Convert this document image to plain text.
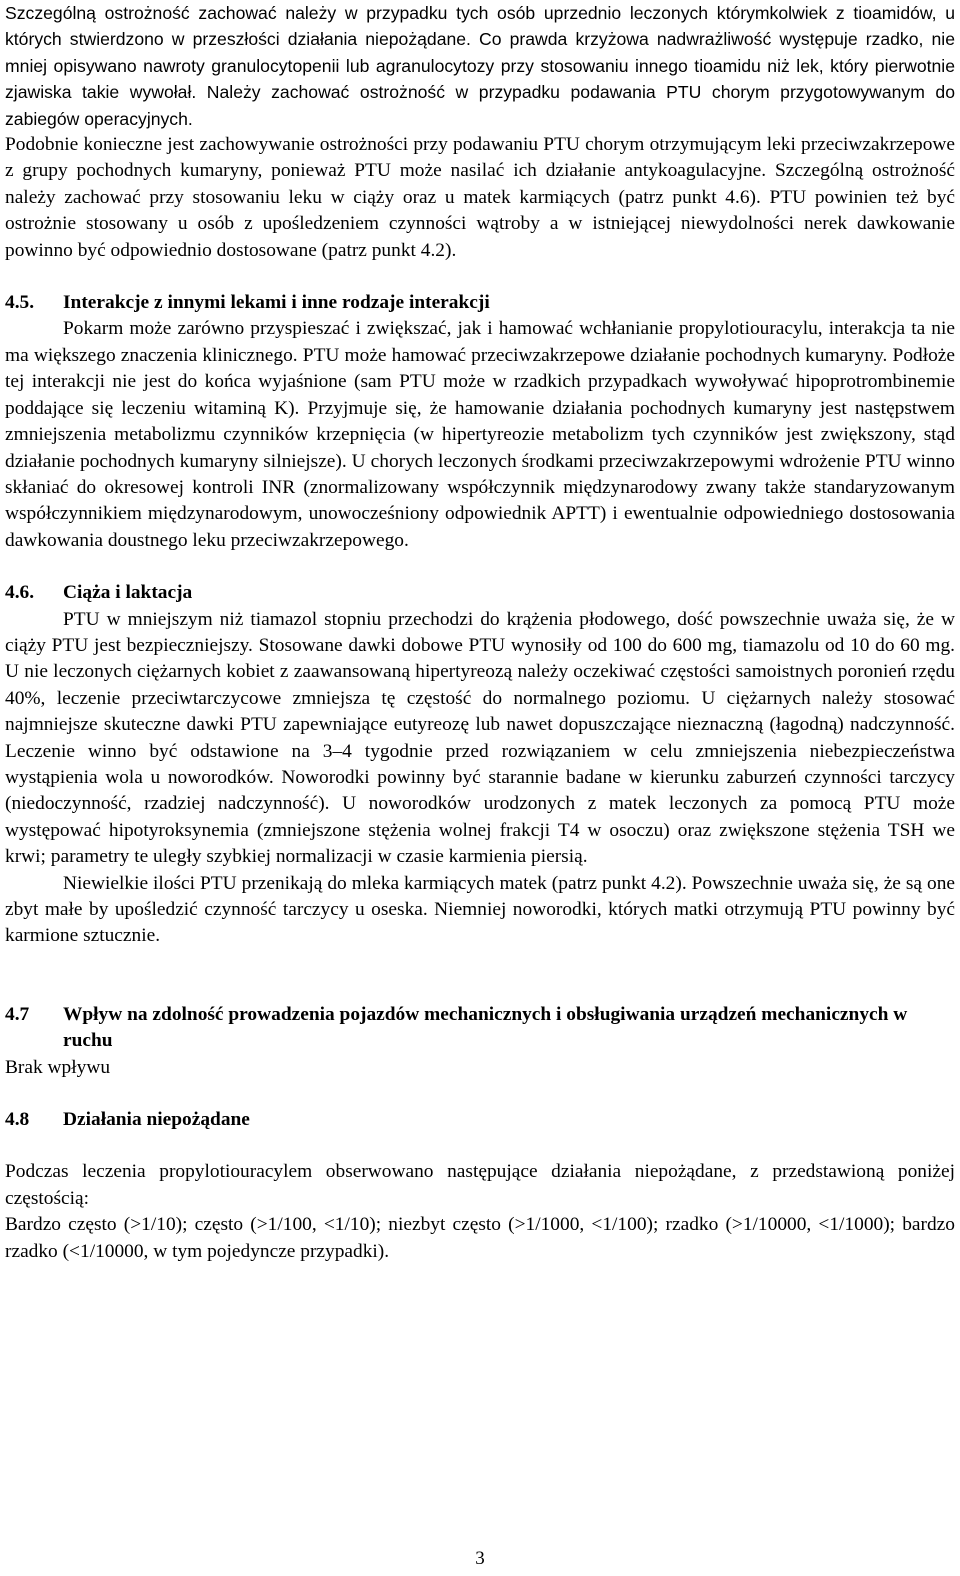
Szczególną ostrożność zachować należy w przypadku tych osób uprzednio leczonych którymkolwiek z tioamidów, u których stwierdzono w przeszłości działania niepożądane. Co prawda krzyżowa nadwrażliwość występuje rzadko, nie mniej opisywano nawroty granulocytopenii lub agranulocytozy przy stosowaniu innego tioamidu niż lek, który pierwotnie zjawiska takie wywołał. Należy zachować ostrożność w przypadku podawania PTU chorym przygotowywanym do zabiegów operacyjnych.

Podobnie konieczne jest zachowywanie ostrożności przy podawaniu PTU chorym otrzymującym leki przeciwzakrzepowe z grupy pochodnych kumaryny, ponieważ PTU może nasilać ich działanie antykoagulacyjne. Szczególną ostrożność należy zachować przy stosowaniu leku w ciąży oraz u matek karmiących (patrz punkt 4.6). PTU powinien też być ostrożnie stosowany u osób z upośledzeniem czynności wątroby a w istniejącej niewydolności nerek dawkowanie powinno być odpowiednio dostosowane (patrz punkt 4.2).

4.5.	Interakcje z innymi lekami i inne rodzaje interakcji

Pokarm może zarówno przyspieszać i zwiększać, jak i hamować wchłanianie propylotiouracylu, interakcja ta nie ma większego znaczenia klinicznego. PTU może hamować przeciwzakrzepowe działanie pochodnych kumaryny. Podłoże tej interakcji nie jest do końca wyjaśnione (sam PTU może w rzadkich przypadkach wywoływać hipoprotrombinemie poddające się leczeniu witaminą K). Przyjmuje się, że hamowanie działania pochodnych kumaryny jest następstwem zmniejszenia metabolizmu czynników krzepnięcia (w hipertyreozie metabolizm tych czynników jest zwiększony, stąd działanie pochodnych kumaryny silniejsze). U chorych leczonych środkami przeciwzakrzepowymi wdrożenie PTU winno skłaniać do okresowej kontroli INR (znormalizowany współczynnik międzynarodowy zwany także standaryzowanym współczynnikiem międzynarodowym, unowocześniony odpowiednik APTT) i ewentualnie odpowiedniego dostosowania dawkowania doustnego leku przeciwzakrzepowego.

4.6.	Ciąża i laktacja

PTU w mniejszym niż tiamazol stopniu przechodzi do krążenia płodowego, dość powszechnie uważa się, że w ciąży PTU jest bezpieczniejszy. Stosowane dawki dobowe PTU wynosiły od 100 do 600 mg, tiamazolu od 10 do 60 mg. U nie leczonych ciężarnych kobiet z zaawansowaną hipertyreozą należy oczekiwać częstości samoistnych poronień rzędu 40%, leczenie przeciwtarczycowe zmniejsza tę częstość do normalnego poziomu. U ciężarnych należy stosować najmniejsze skuteczne dawki PTU zapewniające eutyreozę lub nawet dopuszczające nieznaczną (łagodną) nadczynność. Leczenie winno być odstawione na 3–4 tygodnie przed rozwiązaniem w celu zmniejszenia niebezpieczeństwa wystąpienia wola u noworodków. Noworodki powinny być starannie badane w kierunku zaburzeń czynności tarczycy (niedoczynność, rzadziej nadczynność). U noworodków urodzonych z matek leczonych za pomocą PTU może występować hipotyroksynemia (zmniejszone stężenia wolnej frakcji T4 w osoczu) oraz zwiększone stężenia TSH we krwi; parametry te uległy szybkiej normalizacji w czasie karmienia piersią.

Niewielkie ilości PTU przenikają do mleka karmiących matek (patrz punkt 4.2). Powszechnie uważa się, że są one zbyt małe by upośledzić czynność tarczycy u oseska. Niemniej noworodki, których matki otrzymują PTU powinny być karmione sztucznie.

4.7	Wpływ na zdolność prowadzenia pojazdów mechanicznych i obsługiwania urządzeń mechanicznych w ruchu

Brak wpływu

4.8	Działania niepożądane

Podczas leczenia propylotiouracylem obserwowano następujące działania niepożądane, z przedstawioną poniżej częstością:

Bardzo często (>1/10); często (>1/100, <1/10); niezbyt często (>1/1000, <1/100); rzadko (>1/10000, <1/1000); bardzo rzadko (<1/10000, w tym pojedyncze przypadki).

3
